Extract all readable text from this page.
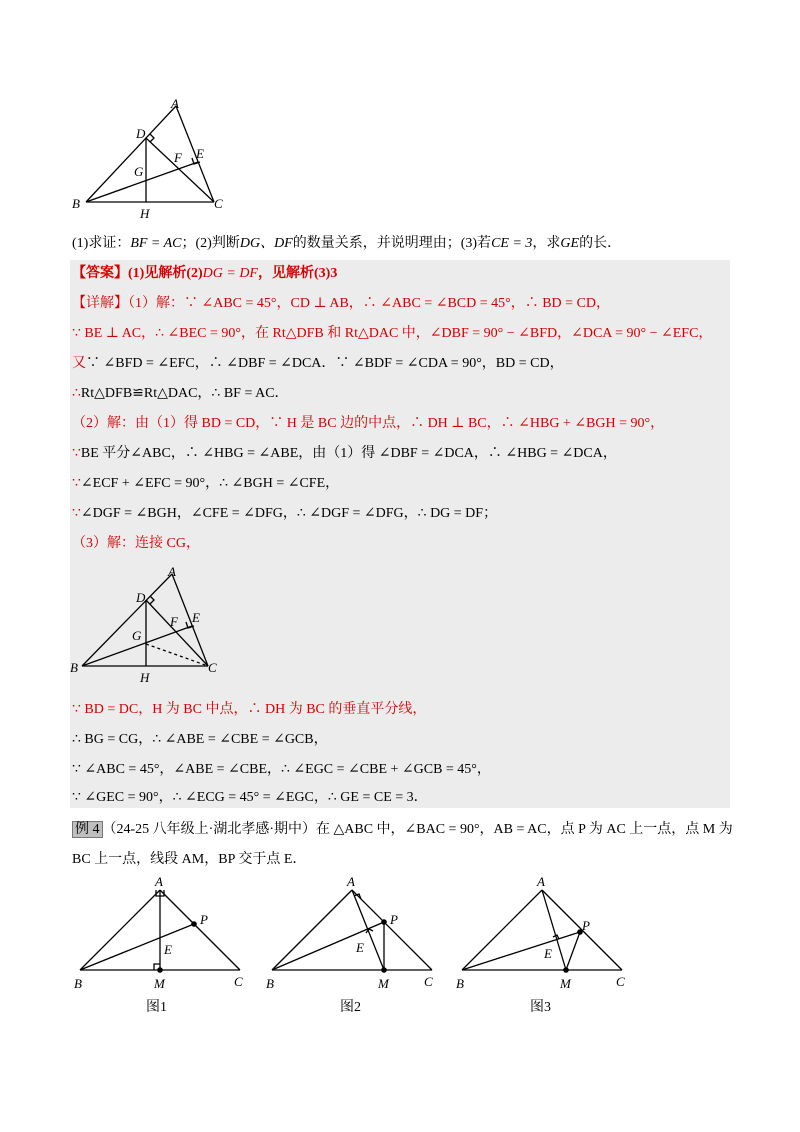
A
D
G
F E
B
H
C
(1)求证：BF = AC；(2)判断DG、DF的数量关系，并说明理由；(3)若CE = 3，求GE的长．
【答案】(1)见解析(2)DG = DF，见解析(3)3
【详解】（1）解：∵ ∠ABC = 45°，CD ⊥ AB，∴ ∠ABC = ∠BCD = 45°，∴ BD = CD，
∵ BE ⊥ AC，∴ ∠BEC = 90°，在 Rt△DFB 和 Rt△DAC 中，∠DBF = 90° − ∠BFD，∠DCA = 90° − ∠EFC，
又∵ ∠BFD = ∠EFC，∴ ∠DBF = ∠DCA．∵ ∠BDF = ∠CDA = 90°，BD = CD，
∴Rt△DFB≌Rt△DAC，∴ BF = AC．
（2）解：由（1）得 BD = CD，∵ H 是 BC 边的中点，∴ DH ⊥ BC，∴ ∠HBG + ∠BGH = 90°，
∵BE 平分∠ABC，∴ ∠HBG = ∠ABE，由（1）得 ∠DBF = ∠DCA，∴ ∠HBG = ∠DCA，
∵∠ECF + ∠EFC = 90°，∴ ∠BGH = ∠CFE，
∵∠DGF = ∠BGH，∠CFE = ∠DFG，∴ ∠DGF = ∠DFG，∴ DG = DF；
（3）解：连接 CG，
A
D
E
F
G
B
H
C
∵ BD = DC，H 为 BC 中点，∴ DH 为 BC 的垂直平分线，
∴ BG = CG，∴ ∠ABE = ∠CBE = ∠GCB，
∵ ∠ABC = 45°，∠ABE = ∠CBE，∴ ∠EGC = ∠CBE + ∠GCB = 45°，
∵ ∠GEC = 90°，∴ ∠ECG = 45° = ∠EGC，∴ GE = CE = 3．
例 4 （24-25 八年级上·湖北孝感·期中）在 △ABC 中，∠BAC = 90°，AB = AC，点 P 为 AC 上一点，点 M 为
BC 上一点，线段 AM，BP 交于点 E．
A
P
E
B	M	C
图1
A
P
E
B	M	C
图2
A
P
E
B	M	C
图3
